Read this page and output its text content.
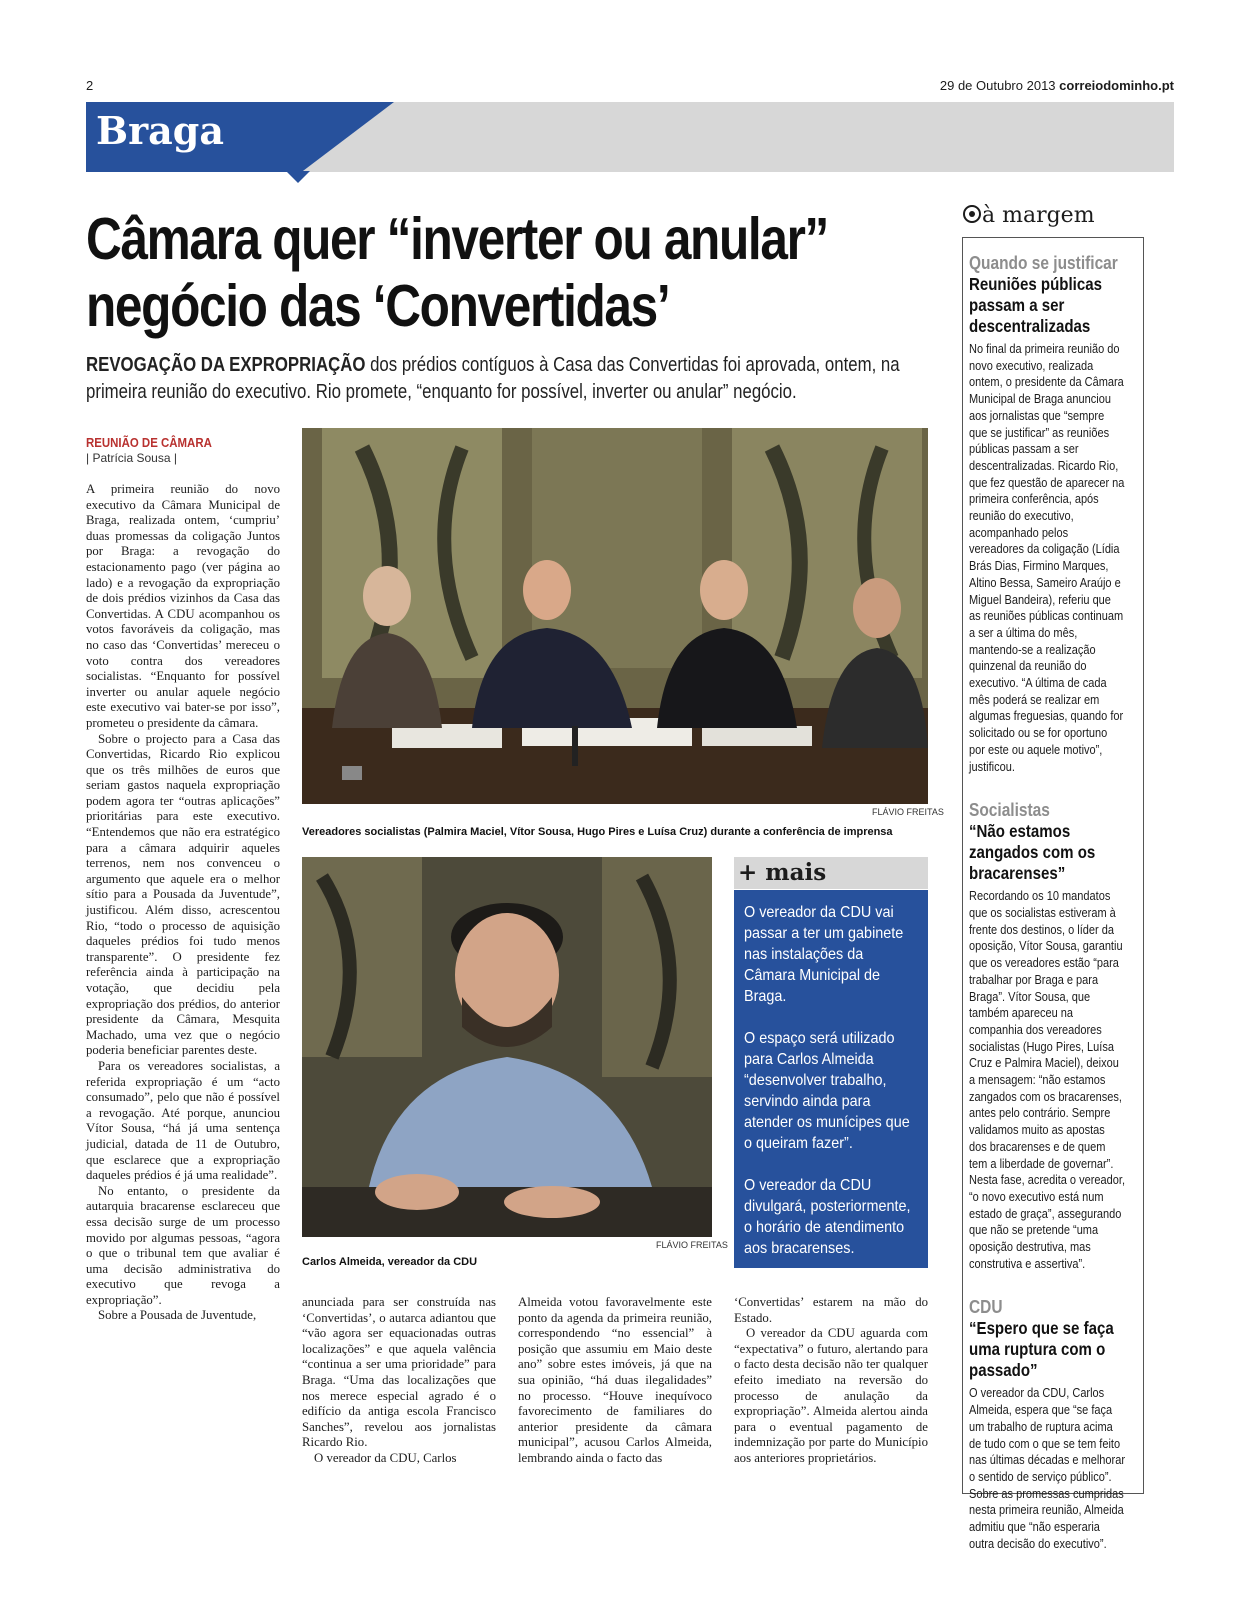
2	29 de Outubro 2013 correiodominho.pt
Braga
Câmara quer “inverter ou anular”
negócio das ‘Convertidas’
REVOGAÇÃO DA EXPROPRIAÇÃO dos prédios contíguos à Casa das Convertidas foi aprovada, ontem, na primeira reunião do executivo. Rio promete, “enquanto for possível, inverter ou anular” negócio.
REUNIÃO DE CÂMARA
| Patrícia Sousa |

A primeira reunião do novo executivo da Câmara Municipal de Braga, realizada ontem, ‘cumpriu’ duas promessas da coligação Juntos por Braga: a revogação do estacionamento pago (ver página ao lado) e a revogação da expropriação de dois prédios vizinhos da Casa das Convertidas. A CDU acompanhou os votos favoráveis da coligação, mas no caso das ‘Convertidas’ mereceu o voto contra dos vereadores socialistas. “Enquanto for possível inverter ou anular aquele negócio este executivo vai bater-se por isso”, prometeu o presidente da câmara.

Sobre o projecto para a Casa das Convertidas, Ricardo Rio explicou que os três milhões de euros que seriam gastos naquela expropriação podem agora ter “outras aplicações” prioritárias para este executivo. “Entendemos que não era estratégico para a câmara adquirir aqueles terrenos, nem nos convenceu o argumento que aquele era o melhor sítio para a Pousada da Juventude”, justificou. Além disso, acrescentou Rio, “todo o processo de aquisição daqueles prédios foi tudo menos transparente”. O presidente fez referência ainda à participação na votação, que decidiu pela expropriação dos prédios, do anterior presidente da Câmara, Mesquita Machado, uma vez que o negócio poderia beneficiar parentes deste.

Para os vereadores socialistas, a referida expropriação é um “acto consumado”, pelo que não é possível a revogação. Até porque, anunciou Vítor Sousa, “há já uma sentença judicial, datada de 11 de Outubro, que esclarece que a expropriação daqueles prédios é já uma realidade”.

No entanto, o presidente da autarquia bracarense esclareceu que essa decisão surge de um processo movido por algumas pessoas, “agora o que o tribunal tem que avaliar é uma decisão administrativa do executivo que revoga a expropriação”.

Sobre a Pousada de Juventude,

FLÁVIO FREITAS
Vereadores socialistas (Palmira Maciel, Vítor Sousa, Hugo Pires e Luísa Cruz) durante a conferência de imprensa
FLÁVIO FREITAS
Carlos Almeida, vereador da CDU
+ mais

O vereador da CDU vai passar a ter um gabinete nas instalações da Câmara Municipal de Braga.

O espaço será utilizado para Carlos Almeida “desenvolver trabalho, servindo ainda para atender os munícipes que o queiram fazer”.

O vereador da CDU divulgará, posteriormente, o horário de atendimento aos bracarenses.

anunciada para ser construída nas ‘Convertidas’, o autarca adiantou que “vão agora ser equacionadas outras localizações” e que aquela valência “continua a ser uma prioridade” para Braga. “Uma das localizações que nos merece especial agrado é o edifício da antiga escola Francisco Sanches”, revelou aos jornalistas Ricardo Rio.

O vereador da CDU, Carlos

Almeida votou favoravelmente este ponto da agenda da primeira reunião, correspondendo “no essencial” à posição que assumiu em Maio deste ano” sobre estes imóveis, já que na sua opinião, “há duas ilegalidades” no processo. “Houve inequívoco favorecimento de familiares do anterior presidente da câmara municipal”, acusou Carlos Almeida, lembrando ainda o facto das

‘Convertidas’ estarem na mão do Estado.

O vereador da CDU aguarda com “expectativa” o futuro, alertando para o facto desta decisão não ter qualquer efeito imediato na reversão do processo de anulação da expropriação”. Almeida alertou ainda para o eventual pagamento de indemnização por parte do Município aos anteriores proprietários.

à margem
Quando se justificar
Reuniões públicas passam a ser descentralizadas
No final da primeira reunião do novo executivo, realizada ontem, o presidente da Câmara Municipal de Braga anunciou aos jornalistas que “sempre que se justificar” as reuniões públicas passam a ser descentralizadas. Ricardo Rio, que fez questão de aparecer na primeira conferência, após reunião do executivo, acompanhado pelos vereadores da coligação (Lídia Brás Dias, Firmino Marques, Altino Bessa, Sameiro Araújo e Miguel Bandeira), referiu que as reuniões públicas continuam a ser a última do mês, mantendo-se a realização quinzenal da reunião do executivo. “A última de cada mês poderá se realizar em algumas freguesias, quando for solicitado ou se for oportuno por este ou aquele motivo”, justificou.
Socialistas
“Não estamos zangados com os bracarenses”
Recordando os 10 mandatos que os socialistas estiveram à frente dos destinos, o líder da oposição, Vítor Sousa, garantiu que os vereadores estão “para trabalhar por Braga e para Braga”. Vítor Sousa, que também apareceu na companhia dos vereadores socialistas (Hugo Pires, Luísa Cruz e Palmira Maciel), deixou a mensagem: “não estamos zangados com os bracarenses, antes pelo contrário. Sempre validamos muito as apostas dos bracarenses e de quem tem a liberdade de governar”. Nesta fase, acredita o vereador, “o novo executivo está num estado de graça”, assegurando que não se pretende “uma oposição destrutiva, mas construtiva e assertiva”.
CDU
“Espero que se faça uma ruptura com o passado”
O vereador da CDU, Carlos Almeida, espera que “se faça um trabalho de ruptura acima de tudo com o que se tem feito nas últimas décadas e melhorar o sentido de serviço público”. Sobre as promessas cumpridas nesta primeira reunião, Almeida admitiu que “não esperaria outra decisão do executivo”.
